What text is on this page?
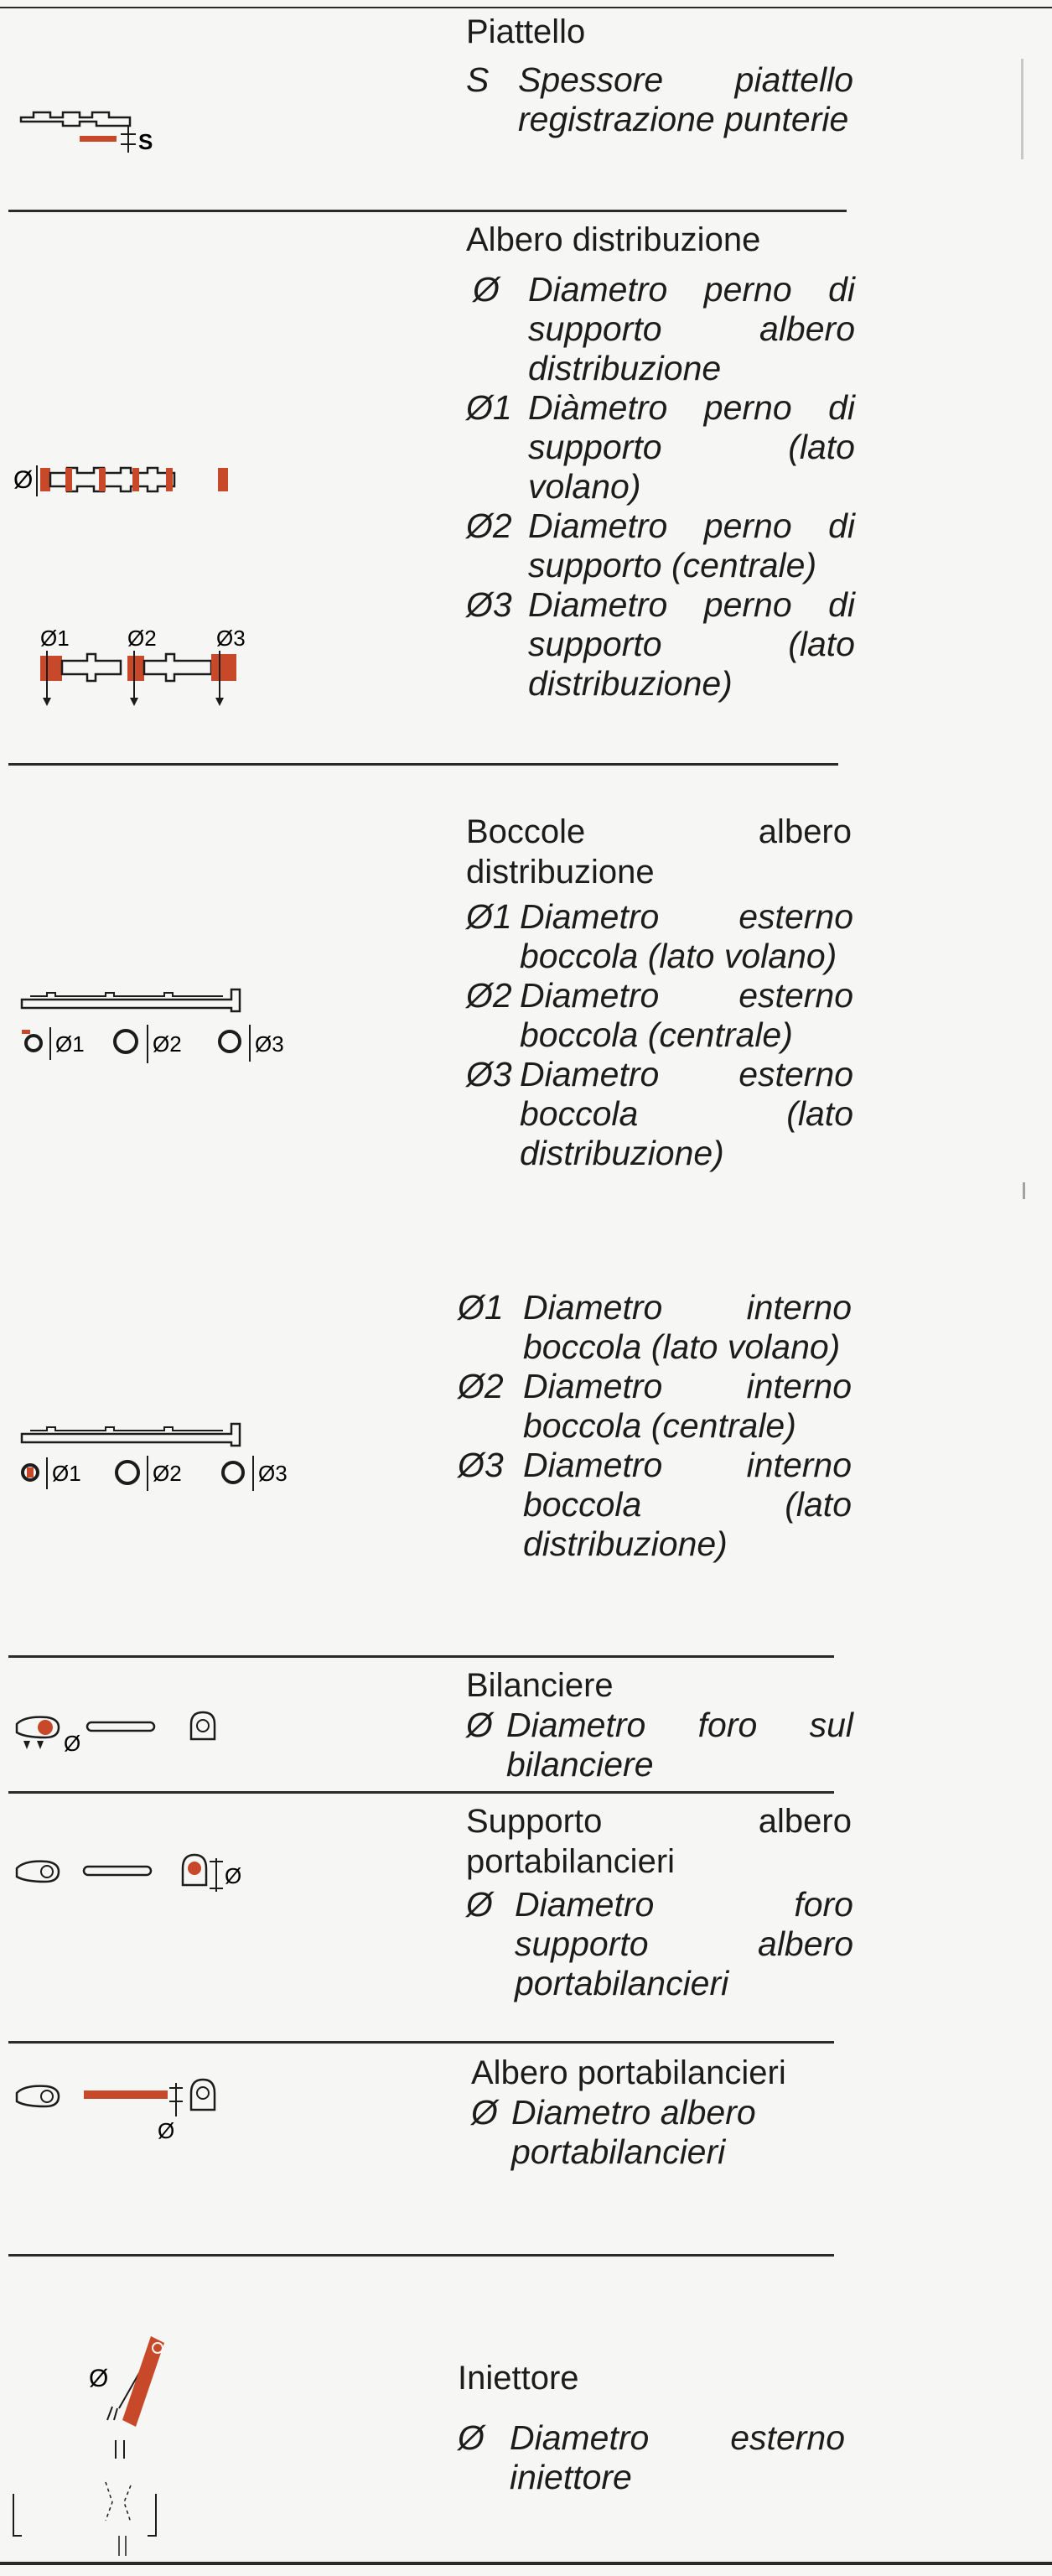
Piattello
S Spessore piattello registrazione punterie
S
Albero distribuzione
Ø Diametro perno di supporto albero distribuzione
Ø1 Diàmetro perno di supporto (lato volano)
Ø2 Diametro perno di supporto (centrale)
Ø3 Diametro perno di supporto (lato distribuzione)
Ø
Ø1	Ø2	Ø3
Boccole albero distribuzione
Ø1 Diametro esterno boccola (lato volano)
Ø2 Diametro esterno boccola (centrale)
Ø3 Diametro esterno boccola (lato distribuzione)
Ø1 Diametro interno boccola (lato volano)
Ø2 Diametro interno boccola (centrale)
Ø3 Diametro interno boccola (lato distribuzione)
Ø1	Ø2	Ø3
Ø1	Ø2	Ø3
Bilanciere
Ø Diametro foro sul bilanciere
Ø
Supporto albero portabilancieri
Ø Diametro foro supporto albero portabilancieri
Ø
Albero portabilancieri
Ø Diametro albero portabilancieri
Ø
Iniettore
Ø Diametro esterno iniettore
Ø
